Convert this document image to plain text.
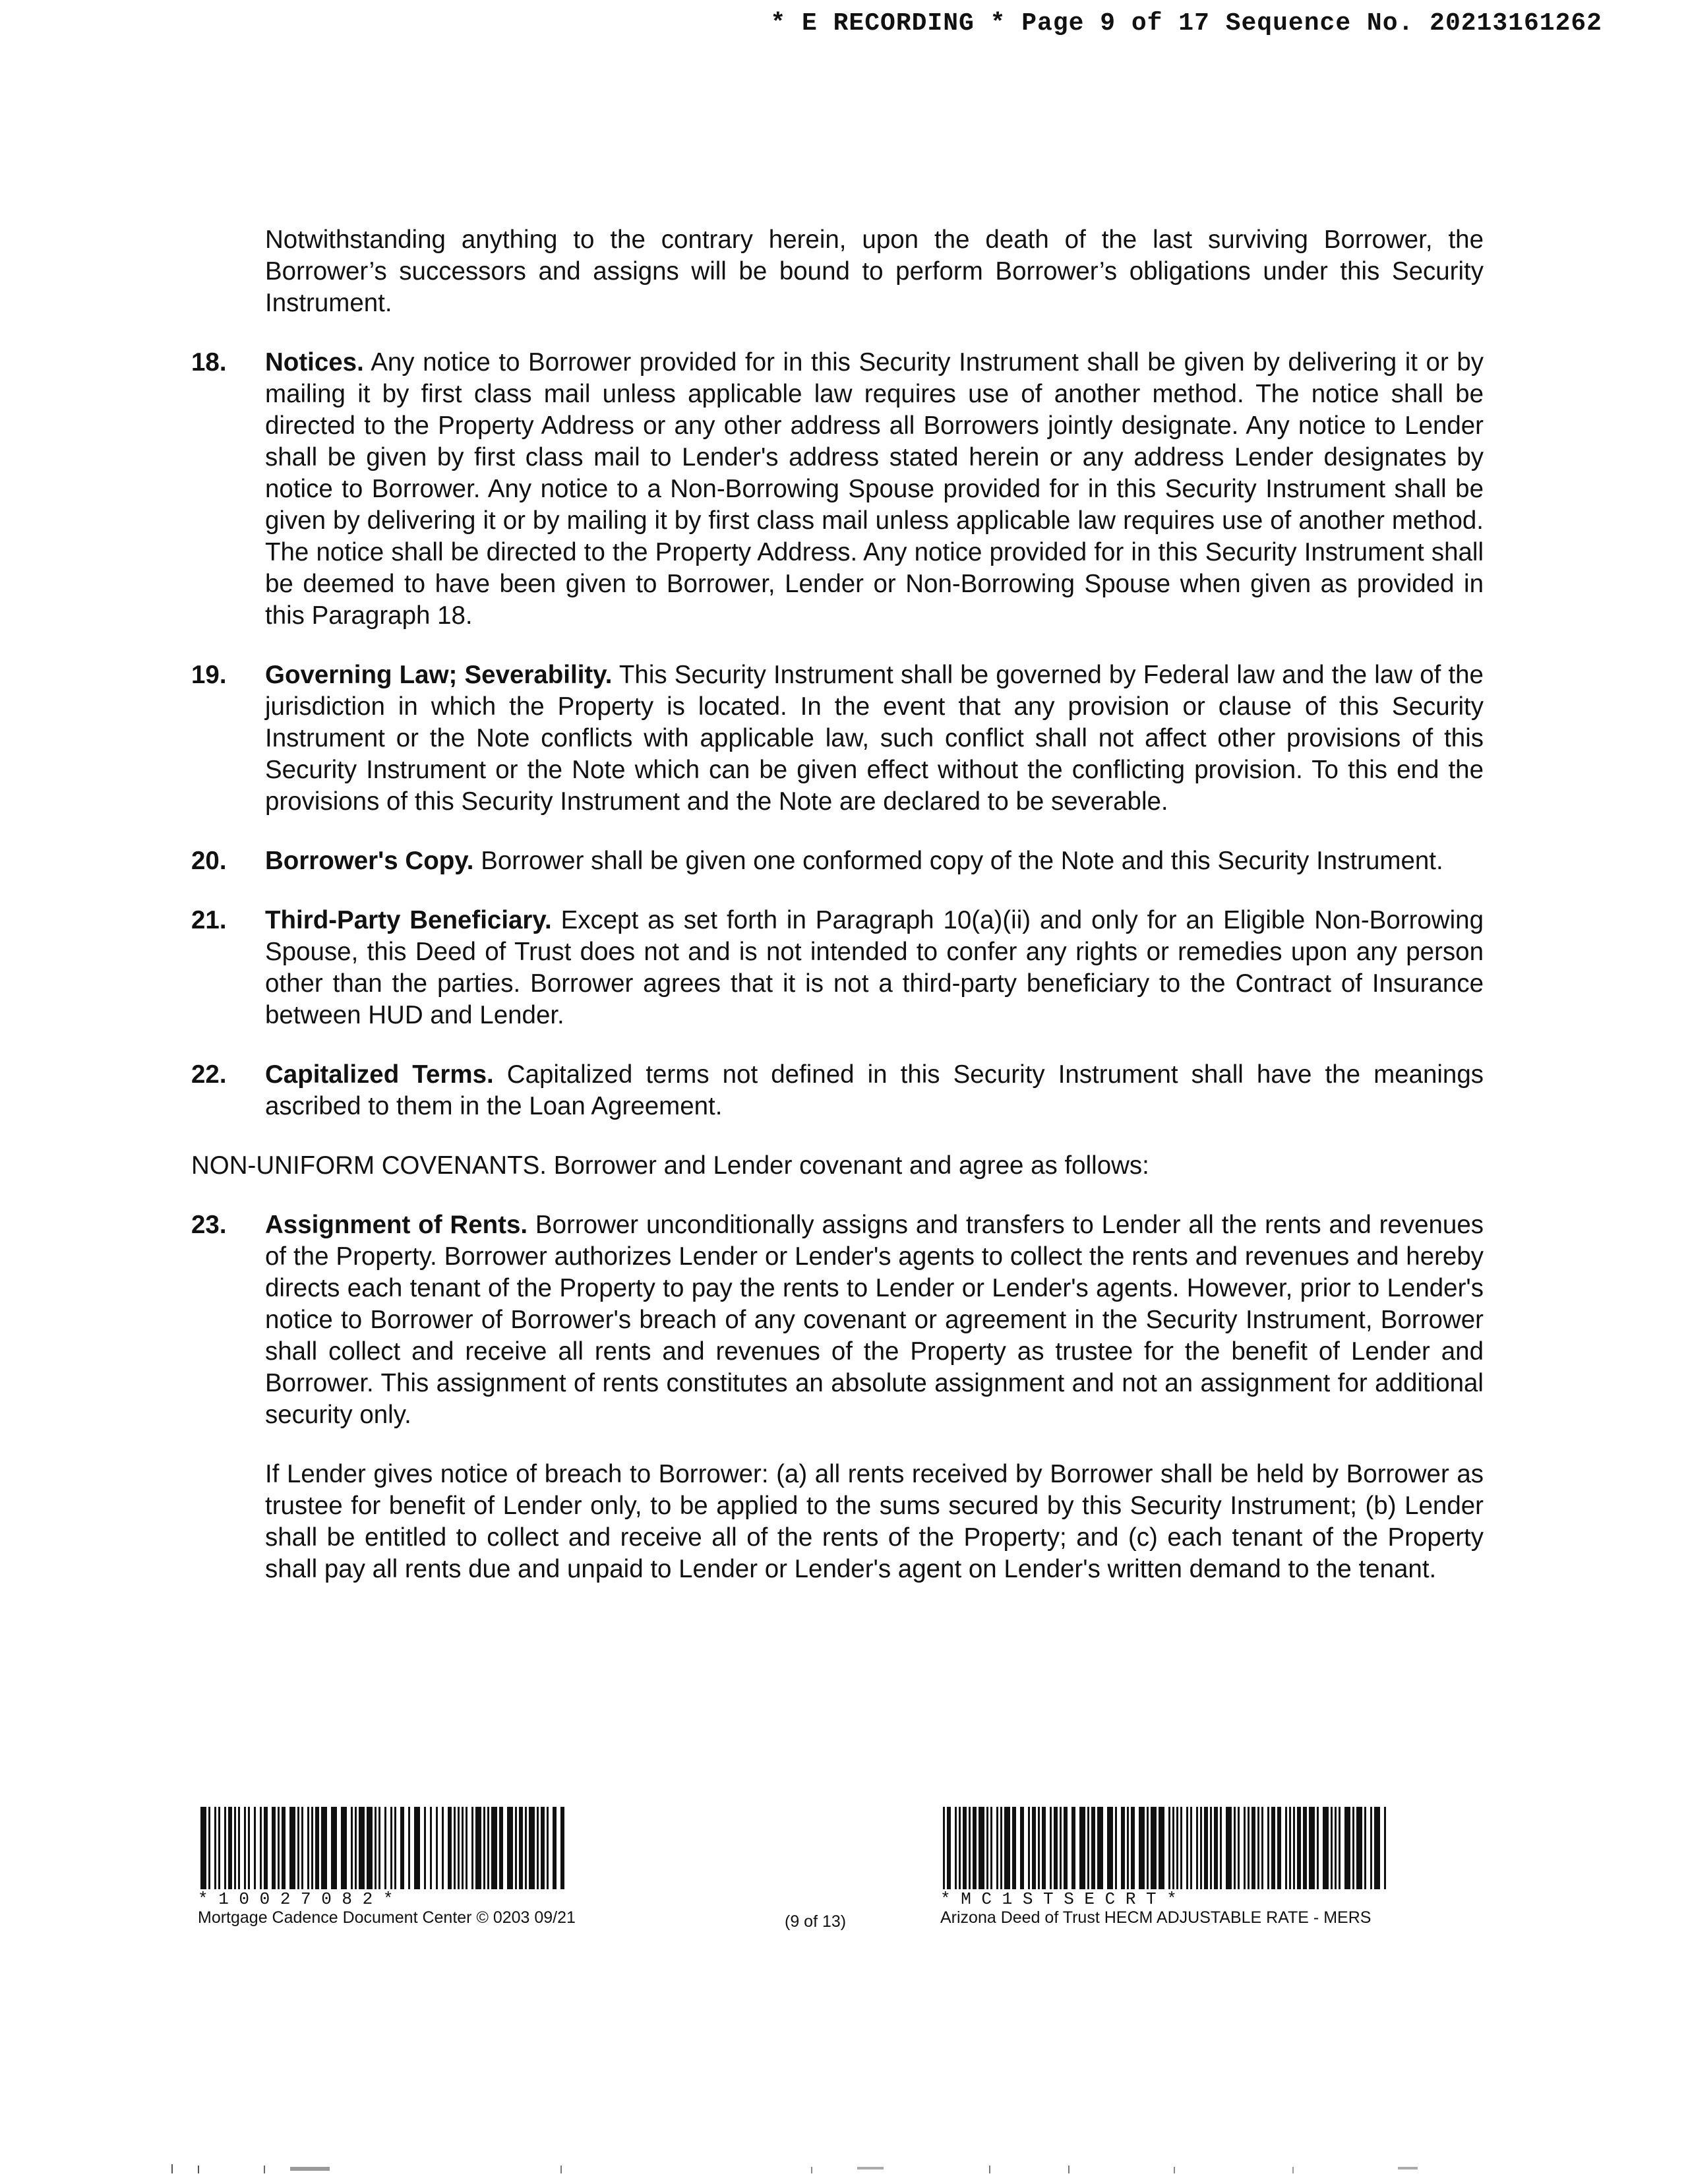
* E RECORDING * Page 9 of 17 Sequence No. 20213161262

Notwithstanding anything to the contrary herein, upon the death of the last surviving Borrower, the Borrower’s successors and assigns will be bound to perform Borrower’s obligations under this Security Instrument.

18. Notices. Any notice to Borrower provided for in this Security Instrument shall be given by delivering it or by mailing it by first class mail unless applicable law requires use of another method. The notice shall be directed to the Property Address or any other address all Borrowers jointly designate. Any notice to Lender shall be given by first class mail to Lender's address stated herein or any address Lender designates by notice to Borrower. Any notice to a Non-Borrowing Spouse provided for in this Security Instrument shall be given by delivering it or by mailing it by first class mail unless applicable law requires use of another method. The notice shall be directed to the Property Address. Any notice provided for in this Security Instrument shall be deemed to have been given to Borrower, Lender or Non-Borrowing Spouse when given as provided in this Paragraph 18.
19. Governing Law; Severability. This Security Instrument shall be governed by Federal law and the law of the jurisdiction in which the Property is located. In the event that any provision or clause of this Security Instrument or the Note conflicts with applicable law, such conflict shall not affect other provisions of this Security Instrument or the Note which can be given effect without the conflicting provision. To this end the provisions of this Security Instrument and the Note are declared to be severable.
20. Borrower's Copy. Borrower shall be given one conformed copy of the Note and this Security Instrument.
21. Third-Party Beneficiary. Except as set forth in Paragraph 10(a)(ii) and only for an Eligible Non-Borrowing Spouse, this Deed of Trust does not and is not intended to confer any rights or remedies upon any person other than the parties. Borrower agrees that it is not a third-party beneficiary to the Contract of Insurance between HUD and Lender.
22. Capitalized Terms. Capitalized terms not defined in this Security Instrument shall have the meanings ascribed to them in the Loan Agreement.

NON-UNIFORM COVENANTS. Borrower and Lender covenant and agree as follows:

23. Assignment of Rents. Borrower unconditionally assigns and transfers to Lender all the rents and revenues of the Property. Borrower authorizes Lender or Lender's agents to collect the rents and revenues and hereby directs each tenant of the Property to pay the rents to Lender or Lender's agents. However, prior to Lender's notice to Borrower of Borrower's breach of any covenant or agreement in the Security Instrument, Borrower shall collect and receive all rents and revenues of the Property as trustee for the benefit of Lender and Borrower. This assignment of rents constitutes an absolute assignment and not an assignment for additional security only.

If Lender gives notice of breach to Borrower: (a) all rents received by Borrower shall be held by Borrower as trustee for benefit of Lender only, to be applied to the sums secured by this Security Instrument; (b) Lender shall be entitled to collect and receive all of the rents of the Property; and (c) each tenant of the Property shall pay all rents due and unpaid to Lender or Lender's agent on Lender's written demand to the tenant.

* 1 0 0 2 7 0 8 2 *
Mortgage Cadence Document Center © 0203 09/21	(9 of 13)
* M C 1 S T S E C R T *
Arizona Deed of Trust HECM ADJUSTABLE RATE - MERS
